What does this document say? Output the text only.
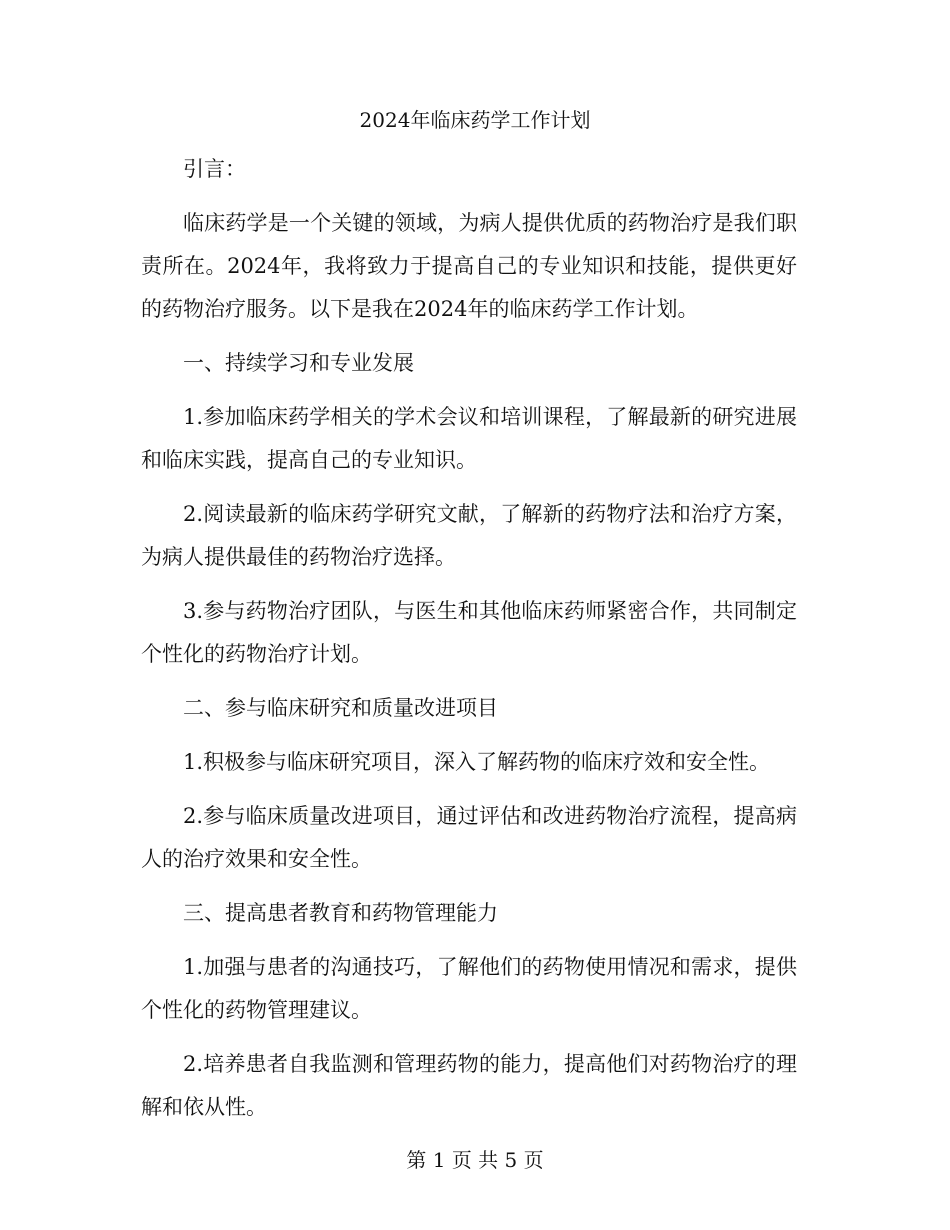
2024年临床药学工作计划

引言：

临床药学是一个关键的领域，为病人提供优质的药物治疗是我们职责所在。2024年，我将致力于提高自己的专业知识和技能，提供更好的药物治疗服务。以下是我在2024年的临床药学工作计划。

一、持续学习和专业发展

1.参加临床药学相关的学术会议和培训课程，了解最新的研究进展和临床实践，提高自己的专业知识。

2.阅读最新的临床药学研究文献，了解新的药物疗法和治疗方案，为病人提供最佳的药物治疗选择。

3.参与药物治疗团队，与医生和其他临床药师紧密合作，共同制定个性化的药物治疗计划。

二、参与临床研究和质量改进项目

1.积极参与临床研究项目，深入了解药物的临床疗效和安全性。

2.参与临床质量改进项目，通过评估和改进药物治疗流程，提高病人的治疗效果和安全性。

三、提高患者教育和药物管理能力

1.加强与患者的沟通技巧，了解他们的药物使用情况和需求，提供个性化的药物管理建议。

2.培养患者自我监测和管理药物的能力，提高他们对药物治疗的理解和依从性。

第 1 页 共 5 页
